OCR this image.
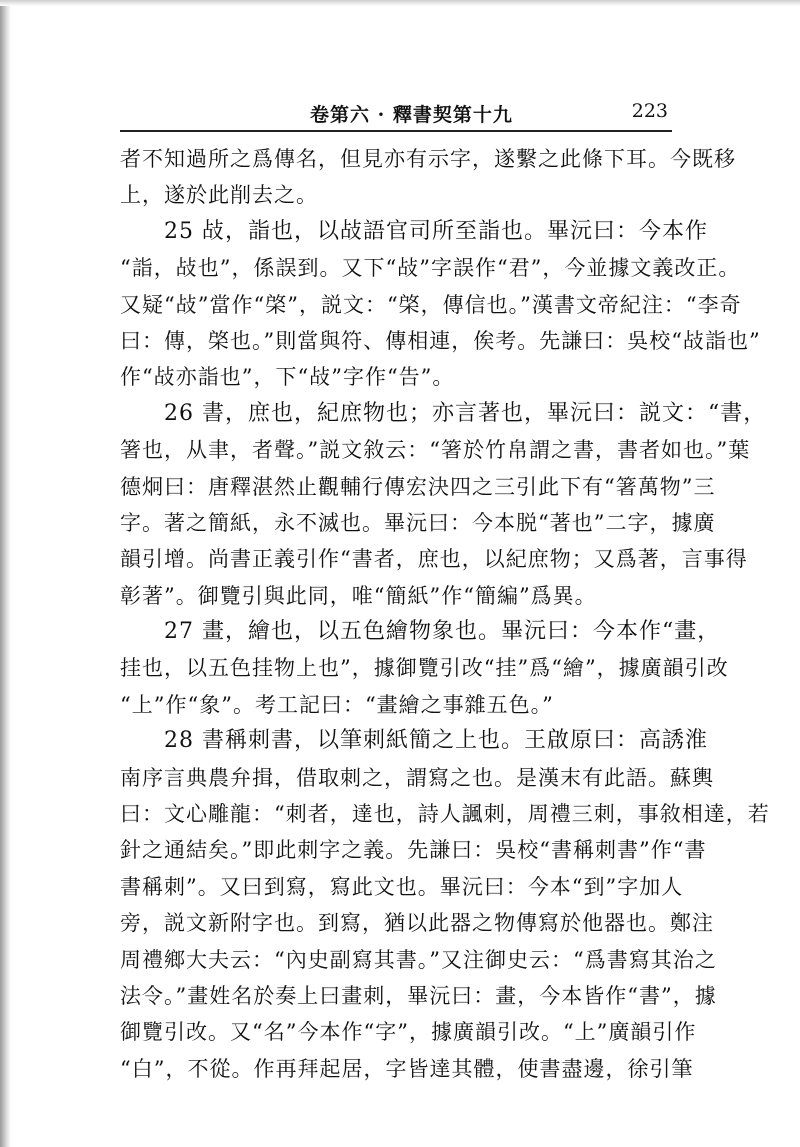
卷第六 · 釋書契第十九	223
者不知過所之爲傳名，但見亦有示字，遂繫之此條下耳。今既移
上，遂於此削去之。
25 敁，詣也，以敁語官司所至詣也。畢沅曰：今本作
“詣，敁也”，係誤到。又下“敁”字誤作“君”，今並據文義改正。
又疑“敁”當作“棨”，説文：“棨，傳信也。”漢書文帝紀注：“李奇
曰：傳，棨也。”則當與符、傳相連，俟考。先謙曰：吳校“敁詣也”
作“敁亦詣也”，下“敁”字作“告”。
26 書，庶也，紀庶物也；亦言著也，畢沅曰：説文：“書，
箸也，从聿，者聲。”説文敘云：“箸於竹帛謂之書，書者如也。”葉
德炯曰：唐釋湛然止觀輔行傳宏決四之三引此下有“箸萬物”三
字。著之簡紙，永不滅也。畢沅曰：今本脱“著也”二字，據廣
韻引增。尚書正義引作“書者，庶也，以紀庶物；又爲著，言事得
彰著”。御覽引與此同，唯“簡紙”作“簡編”爲異。
27 畫，繪也，以五色繪物象也。畢沅曰：今本作“畫，
挂也，以五色挂物上也”，據御覽引改“挂”爲“繪”，據廣韻引改
“上”作“象”。考工記曰：“畫繪之事雜五色。”
28 書稱刺書，以筆刺紙簡之上也。王啟原曰：高誘淮
南序言典農弁揖，借取刺之，謂寫之也。是漢末有此語。蘇輿
曰：文心雕龍：“刺者，達也，詩人諷刺，周禮三刺，事敘相達，若
針之通結矣。”即此刺字之義。先謙曰：吳校“書稱刺書”作“書
書稱刺”。又曰到寫，寫此文也。畢沅曰：今本“到”字加人
旁，説文新附字也。到寫，猶以此器之物傳寫於他器也。鄭注
周禮鄉大夫云：“內史副寫其書。”又注御史云：“爲書寫其治之
法令。”畫姓名於奏上曰畫刺，畢沅曰：畫，今本皆作“書”，據
御覽引改。又“名”今本作“字”，據廣韻引改。“上”廣韻引作
“白”，不從。作再拜起居，字皆達其體，使書盡邊，徐引筆
